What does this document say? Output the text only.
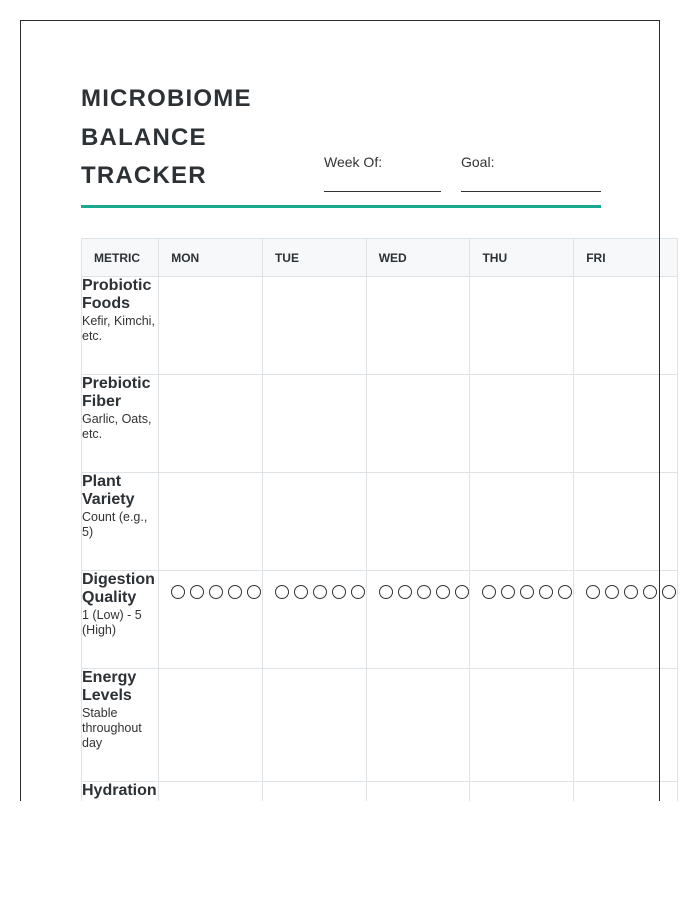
MICROBIOME
BALANCE
TRACKER	Week Of:	Goal:
METRIC	MON	TUE	WED	THU	FRI

Probiotic Foods
Kefir, Kimchi, etc.					

Prebiotic Fiber
Garlic, Oats, etc.					

Plant Variety
Count (e.g., 5)					

Digestion Quality
1 (Low) - 5 (High)					

Energy Levels
Stable throughout day					

Hydration					
